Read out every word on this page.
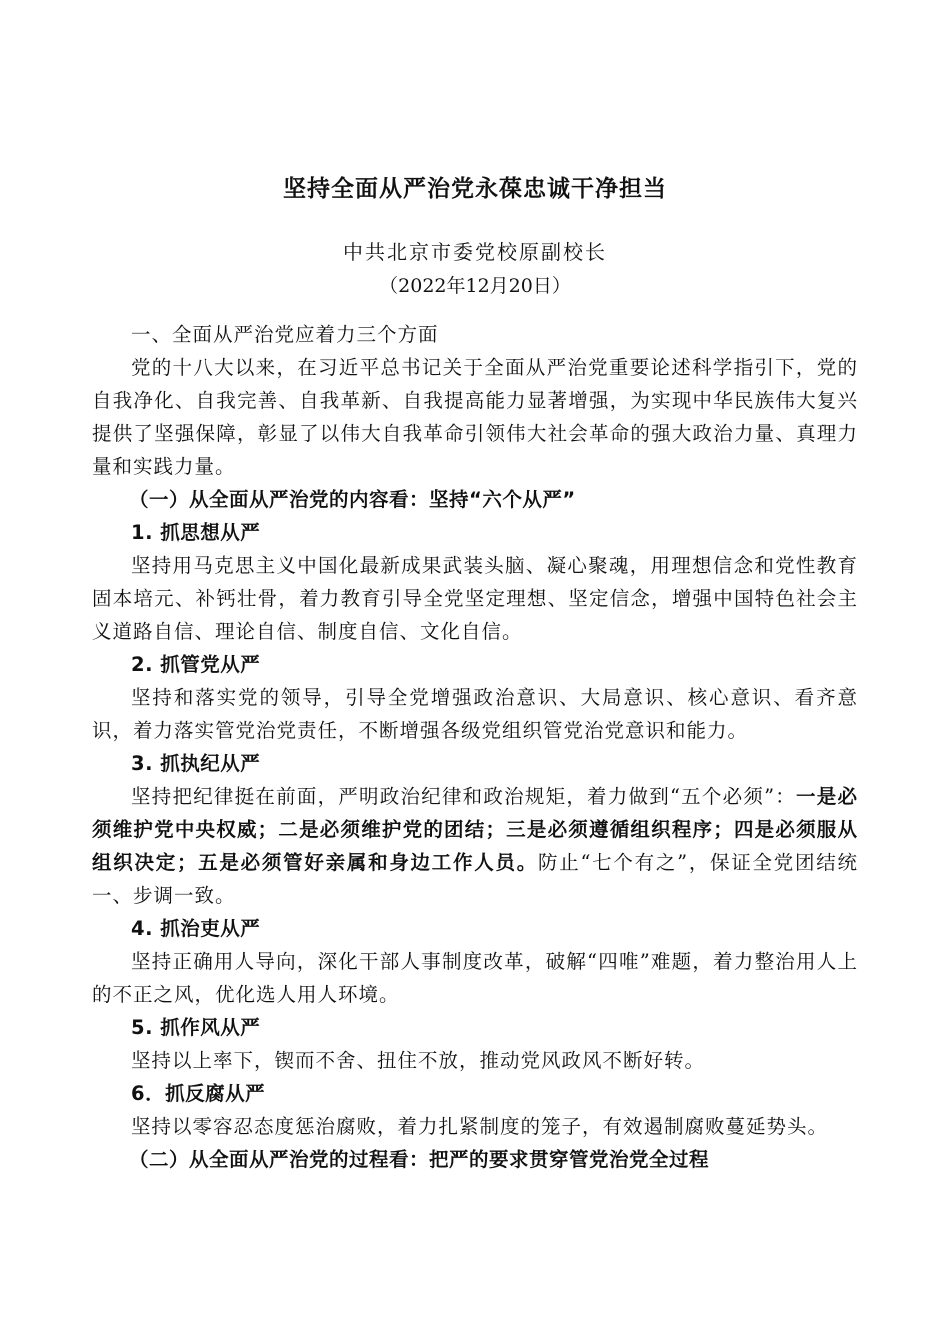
坚持全面从严治党永葆忠诚干净担当
中共北京市委党校原副校长
（2022年12月20日）

一、全面从严治党应着力三个方面

党的十八大以来，在习近平总书记关于全面从严治党重要论述科学指引下，党的自我净化、自我完善、自我革新、自我提高能力显著增强，为实现中华民族伟大复兴提供了坚强保障，彰显了以伟大自我革命引领伟大社会革命的强大政治力量、真理力量和实践力量。

（一）从全面从严治党的内容看：坚持“六个从严”

1. 抓思想从严

坚持用马克思主义中国化最新成果武装头脑、凝心聚魂，用理想信念和党性教育固本培元、补钙壮骨，着力教育引导全党坚定理想、坚定信念，增强中国特色社会主义道路自信、理论自信、制度自信、文化自信。

2. 抓管党从严

坚持和落实党的领导，引导全党增强政治意识、大局意识、核心意识、看齐意识，着力落实管党治党责任，不断增强各级党组织管党治党意识和能力。

3. 抓执纪从严

坚持把纪律挺在前面，严明政治纪律和政治规矩，着力做到“五个必须”：一是必须维护党中央权威；二是必须维护党的团结；三是必须遵循组织程序；四是必须服从组织决定；五是必须管好亲属和身边工作人员。防止“七个有之”，保证全党团结统一、步调一致。

4. 抓治吏从严

坚持正确用人导向，深化干部人事制度改革，破解“四唯”难题，着力整治用人上的不正之风，优化选人用人环境。

5. 抓作风从严

坚持以上率下，锲而不舍、扭住不放，推动党风政风不断好转。

6．抓反腐从严

坚持以零容忍态度惩治腐败，着力扎紧制度的笼子，有效遏制腐败蔓延势头。

（二）从全面从严治党的过程看：把严的要求贯穿管党治党全过程
